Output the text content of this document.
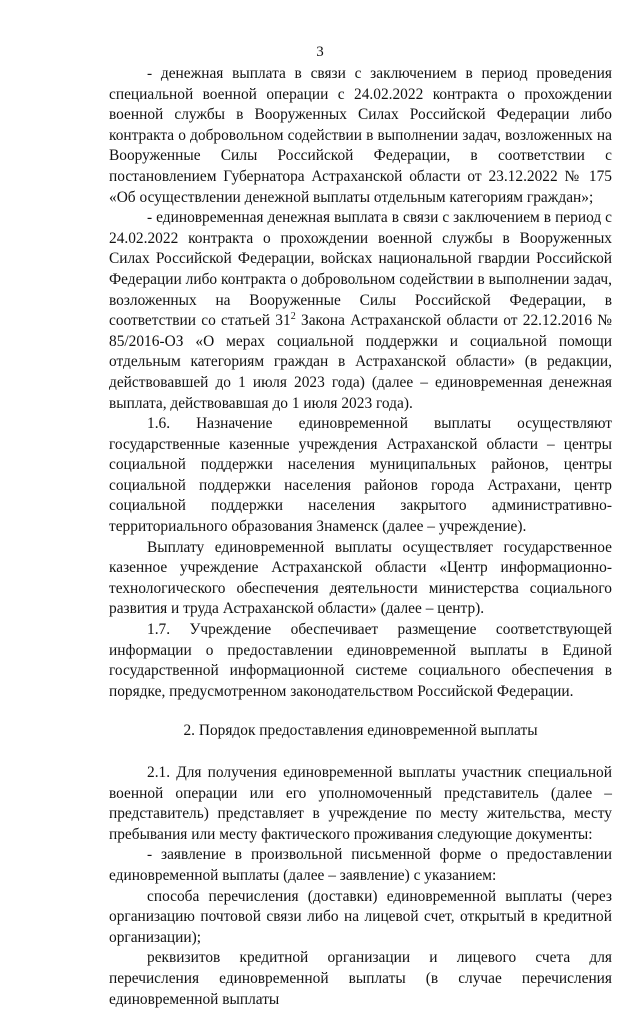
3

- денежная выплата в связи с заключением в период проведения специальной военной операции с 24.02.2022 контракта о прохождении военной службы в Вооруженных Силах Российской Федерации либо контракта о добровольном содействии в выполнении задач, возложенных на Вооруженные Силы Российской Федерации, в соответствии с постановлением Губернатора Астраханской области от 23.12.2022 № 175 «Об осуществлении денежной выплаты отдельным категориям граждан»;

- единовременная денежная выплата в связи с заключением в период с 24.02.2022 контракта о прохождении военной службы в Вооруженных Силах Российской Федерации, войсках национальной гвардии Российской Федерации либо контракта о добровольном содействии в выполнении задач, возложенных на Вооруженные Силы Российской Федерации, в соответствии со статьей $31^2$ Закона Астраханской области от 22.12.2016 № 85/2016-ОЗ «О мерах социальной поддержки и социальной помощи отдельным категориям граждан в Астраханской области» (в редакции, действовавшей до 1 июля 2023 года) (далее – единовременная денежная выплата, действовавшая до 1 июля 2023 года).

1.6. Назначение единовременной выплаты осуществляют государственные казенные учреждения Астраханской области – центры социальной поддержки населения муниципальных районов, центры социальной поддержки населения районов города Астрахани, центр социальной поддержки населения закрытого административно-территориального образования Знаменск (далее – учреждение).

Выплату единовременной выплаты осуществляет государственное казенное учреждение Астраханской области «Центр информационно-технологического обеспечения деятельности министерства социального развития и труда Астраханской области» (далее – центр).

1.7. Учреждение обеспечивает размещение соответствующей информации о предоставлении единовременной выплаты в Единой государственной информационной системе социального обеспечения в порядке, предусмотренном законодательством Российской Федерации.

2. Порядок предоставления единовременной выплаты

2.1. Для получения единовременной выплаты участник специальной военной операции или его уполномоченный представитель (далее – представитель) представляет в учреждение по месту жительства, месту пребывания или месту фактического проживания следующие документы:

- заявление в произвольной письменной форме о предоставлении единовременной выплаты (далее – заявление) с указанием:

способа перечисления (доставки) единовременной выплаты (через организацию почтовой связи либо на лицевой счет, открытый в кредитной организации);

реквизитов кредитной организации и лицевого счета для перечисления единовременной выплаты (в случае перечисления единовременной выплаты
